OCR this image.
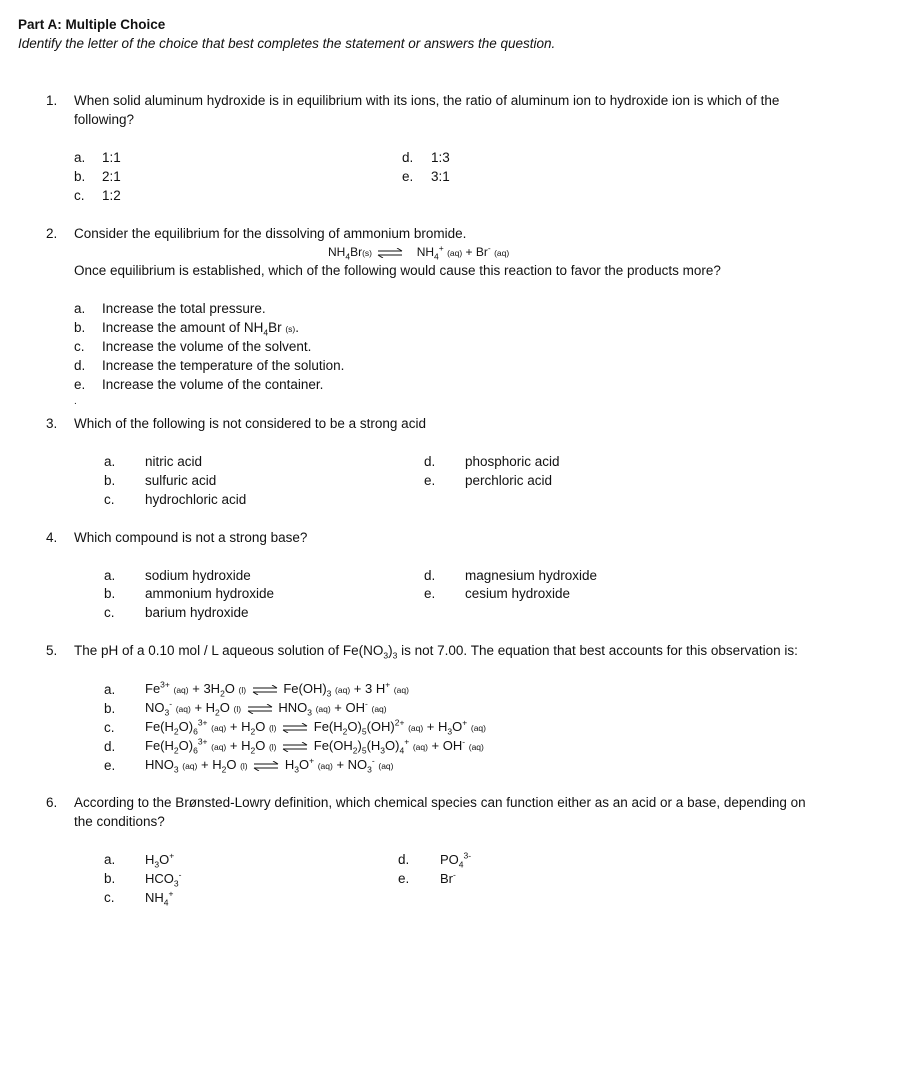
Part A: Multiple Choice
Identify the letter of the choice that best completes the statement or answers the question.
1. When solid aluminum hydroxide is in equilibrium with its ions, the ratio of aluminum ion to hydroxide ion is which of the
following?
a. 1:1
b. 2:1
c. 1:2
d. 1:3
e. 3:1
2. Consider the equilibrium for the dissolving of ammonium bromide.
$NH_4Br(s)$ ⇌ $NH_4^+$ (aq) + Br- (aq)
Once equilibrium is established, which of the following would cause this reaction to favor the products more?
a. Increase the total pressure.
b. Increase the amount of $NH_4Br$ (s).
c. Increase the volume of the solvent.
d. Increase the temperature of the solution.
e. Increase the volume of the container.
.
3. Which of the following is not considered to be a strong acid
a. nitric acid
b. sulfuric acid
c. hydrochloric acid
d. phosphoric acid
e. perchloric acid
4. Which compound is not a strong base?
a. sodium hydroxide
b. ammonium hydroxide
c. barium hydroxide
d. magnesium hydroxide
e. cesium hydroxide
5. The pH of a 0.10 mol / L aqueous solution of $Fe(NO_3)_3$ is not 7.00. The equation that best accounts for this observation is:
a.
b.
c.
d.
e.
$Fe^{3+}$ $(aq) + 3H_2O$ (l) ⇌ $Fe(OH)_3$ (aq) + 3 H+ (aq)
$NO_3^-$ $(aq) + H_2O$ (l) ⇌ $HNO_3$ (aq) + OH- (aq)
$Fe(H_2O)_6^{3+}$ $(aq) + H_2O$ (l) ⇌ $Fe(H_2O)_5(OH)^{2+}$ $(aq) + H_3O^+$ (aq)
$Fe(H_2O)_6^{3+}$ $(aq) + H_2O$ (l) ⇌ $Fe(OH_2)_5(H_3O)_4^+$ (aq) + OH- (aq)
$HNO_3$ $(aq) + H_2O$ (l) ⇌ $H_3O^+$ $(aq) + NO_3^-$ (aq)
6. According to the Brønsted-Lowry definition, which chemical species can function either as an acid or a base, depending on
the conditions?
a. $H_3O^+$
b. $HCO_3^-$
c. $NH_4^+$
d. $PO_4^{3-}$
e. Br-
